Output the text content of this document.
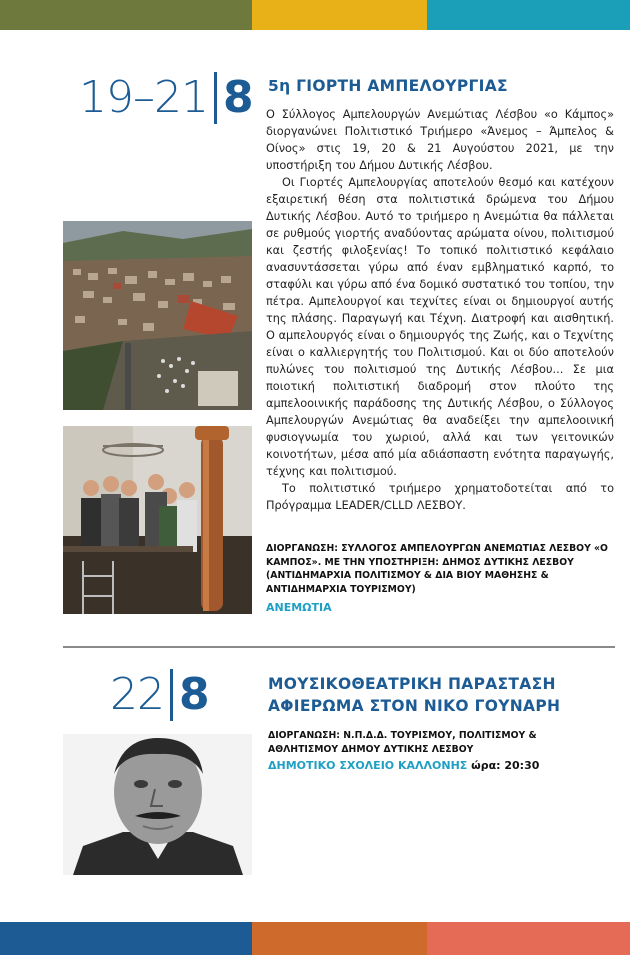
19–21 8 5η ΓΙΟΡΤΗ ΑΜΠΕΛΟΥΡΓΙΑΣ

Ο Σύλλογος Αμπελουργών Ανεμώτιας Λέσβου «ο Κάμπος» διοργανώνει Πολιτιστικό Τριήμερο «Άνεμος – Άμπελος & Οίνος» στις 19, 20 & 21 Αυγούστου 2021, με την υποστήριξη του Δήμου Δυτικής Λέσβου.

Οι Γιορτές Αμπελουργίας αποτελούν θεσμό και κατέχουν εξαιρετική θέση στα πολιτιστικά δρώμενα του Δήμου Δυτικής Λέσβου. Αυτό το τριήμερο η Ανεμώτια θα πάλλεται σε ρυθμούς γιορτής αναδύοντας αρώματα οίνου, πολιτισμού και ζεστής φιλοξενίας! Το τοπικό πολιτιστικό κεφάλαιο ανασυντάσσεται γύρω από έναν εμβληματικό καρπό, το σταφύλι και γύρω από ένα δομικό συστατικό του τοπίου, την πέτρα. Αμπελουργοί και τεχνίτες είναι οι δημιουργοί αυτής της πλάσης. Παραγωγή και Τέχνη. Διατροφή και αισθητική. Ο αμπελουργός είναι ο δημιουργός της Ζωής, και ο Τεχνίτης είναι ο καλλιεργητής του Πολιτισμού. Και οι δύο αποτελούν πυλώνες του πολιτισμού της Δυτικής Λέσβου... Σε μια ποιοτική πολιτιστική διαδρομή στον πλούτο της αμπελοοινικής παράδοσης της Δυτικής Λέσβου, ο Σύλλογος Αμπελουργών Ανεμώτιας θα αναδείξει την αμπελοοινική φυσιογνωμία του χωριού, αλλά και των γειτονικών κοινοτήτων, μέσα από μία αδιάσπαστη ενότητα παραγωγής, τέχνης και πολιτισμού.

Το πολιτιστικό τριήμερο χρηματοδοτείται από το Πρόγραμμα LEADER/CLLD ΛΕΣΒΟΥ.

ΔΙΟΡΓΑΝΩΣΗ: ΣΥΛΛΟΓΟΣ ΑΜΠΕΛΟΥΡΓΩΝ ΑΝΕΜΩΤΙΑΣ ΛΕΣΒΟΥ «Ο ΚΑΜΠΟΣ». ΜΕ ΤΗΝ ΥΠΟΣΤΗΡΙΞΗ: ΔΗΜΟΣ ΔΥΤΙΚΗΣ ΛΕΣΒΟΥ (ΑΝΤΙΔΗΜΑΡΧΙΑ ΠΟΛΙΤΙΣΜΟΥ & ΔΙΑ ΒΙΟΥ ΜΑΘΗΣΗΣ & ΑΝΤΙΔΗΜΑΡΧΙΑ ΤΟΥΡΙΣΜΟΥ)
ΑΝΕΜΩΤΙΑ
22 8	ΜΟΥΣΙΚΟΘΕΑΤΡΙΚΗ ΠΑΡΑΣΤΑΣΗ
ΑΦΙΕΡΩΜΑ ΣΤΟΝ ΝΙΚΟ ΓΟΥΝΑΡΗ
ΔΙΟΡΓΑΝΩΣΗ: Ν.Π.Δ.Δ. ΤΟΥΡΙΣΜΟΥ, ΠΟΛΙΤΙΣΜΟΥ & ΑΘΛΗΤΙΣΜΟΥ ΔΗΜΟΥ ΔΥΤΙΚΗΣ ΛΕΣΒΟΥ
ΔΗΜΟΤΙΚΟ ΣΧΟΛΕΙΟ ΚΑΛΛΟΝΗΣ ώρα: 20:30
